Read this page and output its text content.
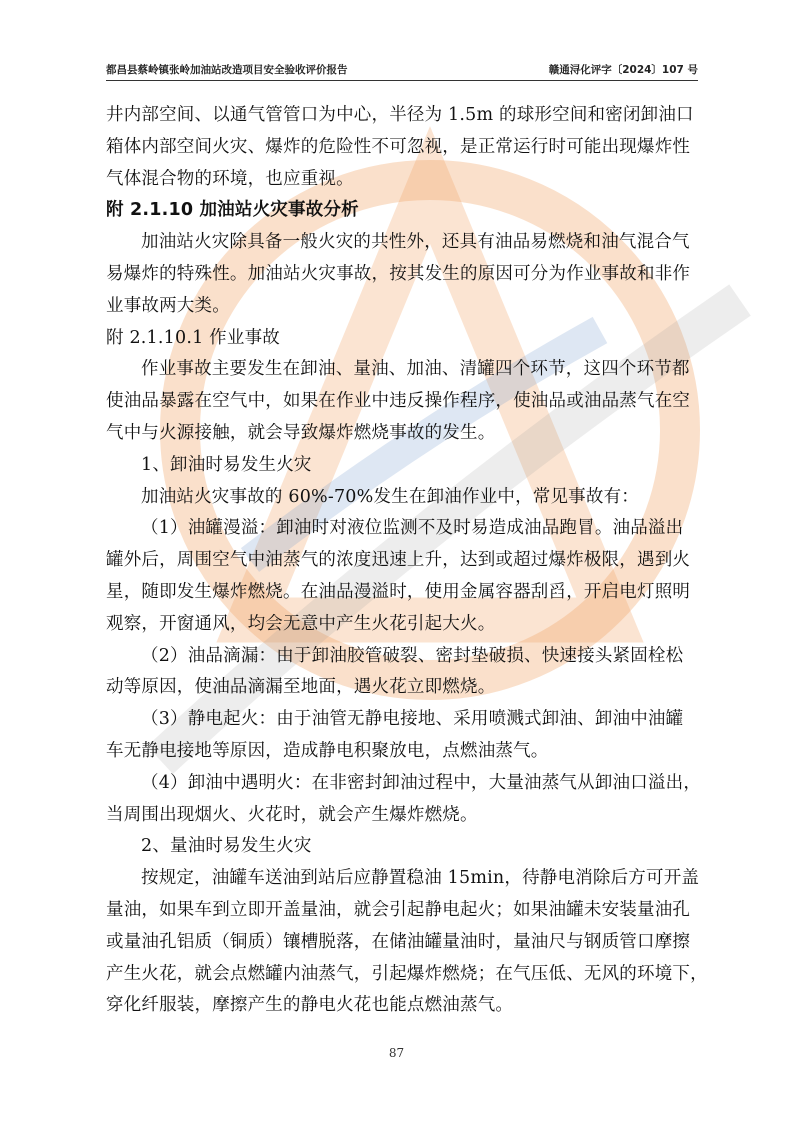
都昌县蔡岭镇张岭加油站改造项目安全验收评价报告	赣通浔化评字〔2024〕107 号
井内部空间、以通气管管口为中心，半径为 1.5m 的球形空间和密闭卸油口
箱体内部空间火灾、爆炸的危险性不可忽视，是正常运行时可能出现爆炸性
气体混合物的环境，也应重视。
附 2.1.10 加油站火灾事故分析
加油站火灾除具备一般火灾的共性外，还具有油品易燃烧和油气混合气
易爆炸的特殊性。加油站火灾事故，按其发生的原因可分为作业事故和非作
业事故两大类。
附 2.1.10.1 作业事故
作业事故主要发生在卸油、量油、加油、清罐四个环节，这四个环节都
使油品暴露在空气中，如果在作业中违反操作程序，使油品或油品蒸气在空
气中与火源接触，就会导致爆炸燃烧事故的发生。
1、卸油时易发生火灾
加油站火灾事故的 60%-70%发生在卸油作业中，常见事故有：
（1）油罐漫溢：卸油时对液位监测不及时易造成油品跑冒。油品溢出
罐外后，周围空气中油蒸气的浓度迅速上升，达到或超过爆炸极限，遇到火
星，随即发生爆炸燃烧。在油品漫溢时，使用金属容器刮舀，开启电灯照明
观察，开窗通风，均会无意中产生火花引起大火。
（2）油品滴漏：由于卸油胶管破裂、密封垫破损、快速接头紧固栓松
动等原因，使油品滴漏至地面，遇火花立即燃烧。
（3）静电起火：由于油管无静电接地、采用喷溅式卸油、卸油中油罐
车无静电接地等原因，造成静电积聚放电，点燃油蒸气。
（4）卸油中遇明火：在非密封卸油过程中，大量油蒸气从卸油口溢出，
当周围出现烟火、火花时，就会产生爆炸燃烧。
2、量油时易发生火灾
按规定，油罐车送油到站后应静置稳油 15min，待静电消除后方可开盖
量油，如果车到立即开盖量油，就会引起静电起火；如果油罐未安装量油孔
或量油孔铝质（铜质）镶槽脱落，在储油罐量油时，量油尺与钢质管口摩擦
产生火花，就会点燃罐内油蒸气，引起爆炸燃烧；在气压低、无风的环境下，
穿化纤服装，摩擦产生的静电火花也能点燃油蒸气。
87
